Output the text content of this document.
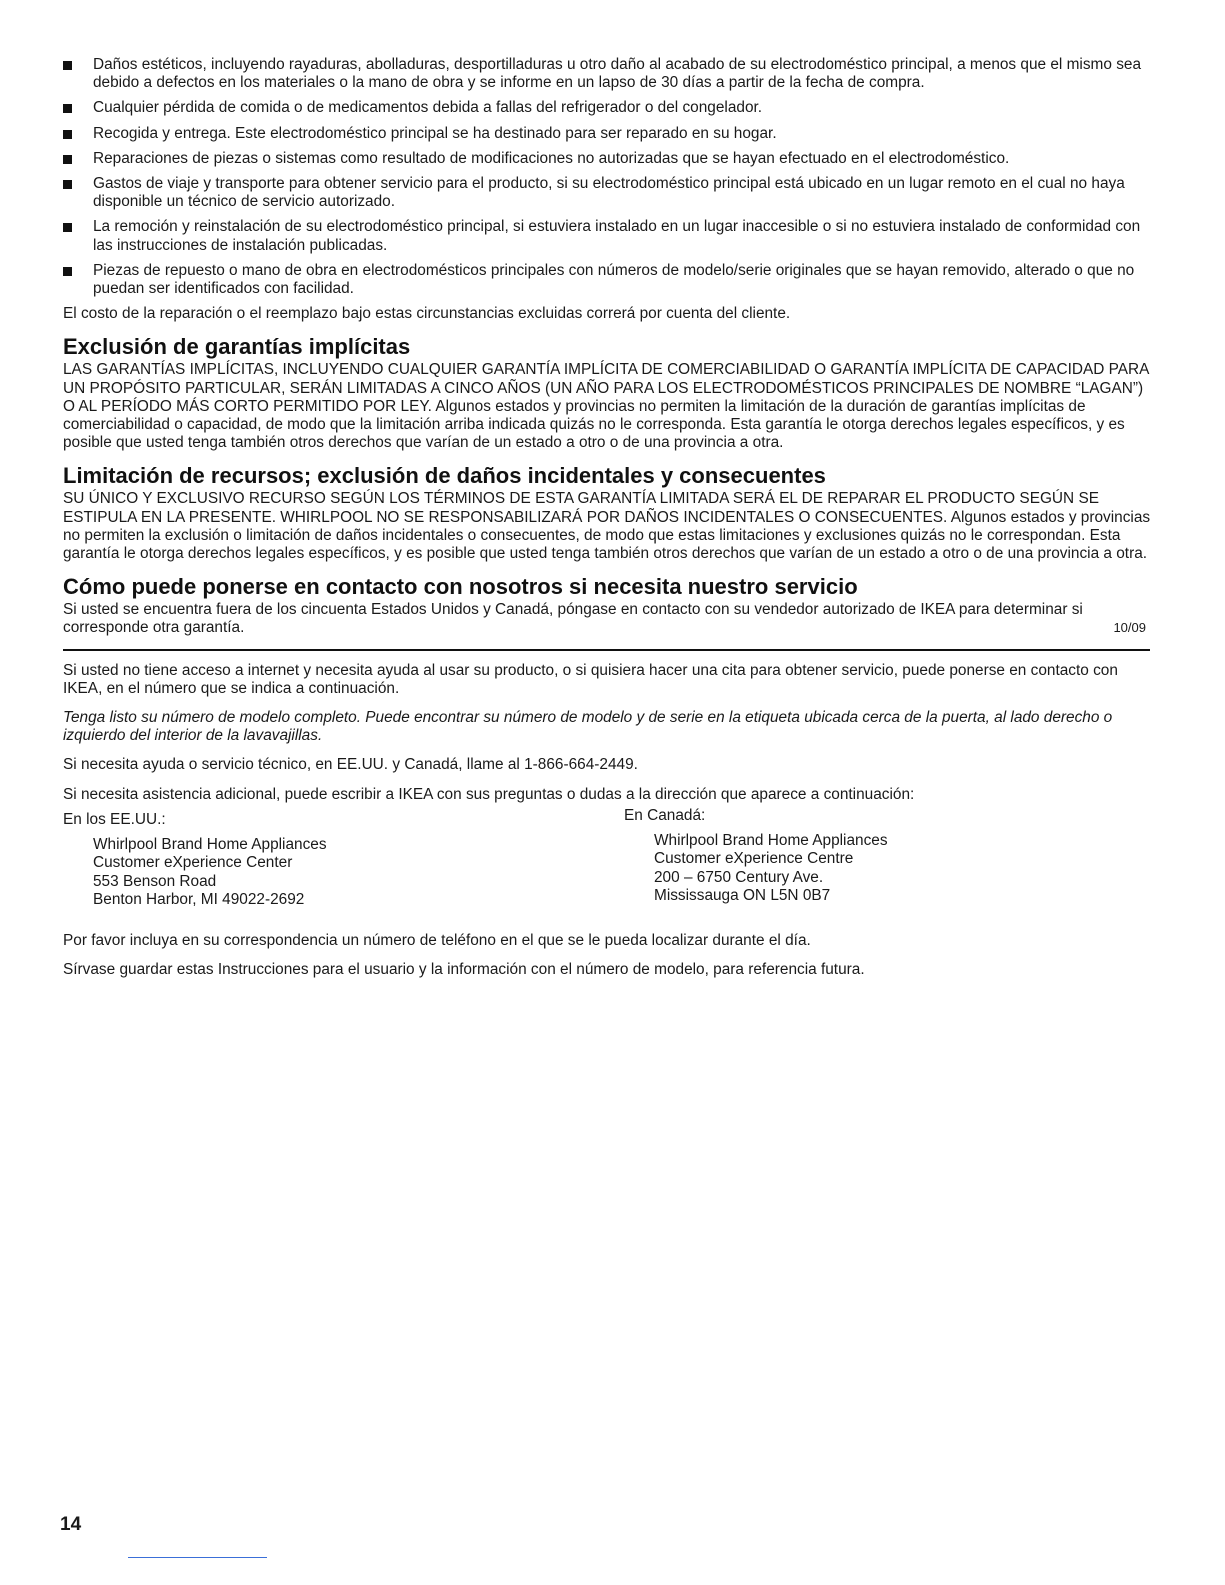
Daños estéticos, incluyendo rayaduras, abolladuras, desportilladuras u otro daño al acabado de su electrodoméstico principal, a menos que el mismo sea debido a defectos en los materiales o la mano de obra y se informe en un lapso de 30 días a partir de la fecha de compra.
Cualquier pérdida de comida o de medicamentos debida a fallas del refrigerador o del congelador.
Recogida y entrega. Este electrodoméstico principal se ha destinado para ser reparado en su hogar.
Reparaciones de piezas o sistemas como resultado de modificaciones no autorizadas que se hayan efectuado en el electrodoméstico.
Gastos de viaje y transporte para obtener servicio para el producto, si su electrodoméstico principal está ubicado en un lugar remoto en el cual no haya disponible un técnico de servicio autorizado.
La remoción y reinstalación de su electrodoméstico principal, si estuviera instalado en un lugar inaccesible o si no estuviera instalado de conformidad con las instrucciones de instalación publicadas.
Piezas de repuesto o mano de obra en electrodomésticos principales con números de modelo/serie originales que se hayan removido, alterado o que no puedan ser identificados con facilidad.

El costo de la reparación o el reemplazo bajo estas circunstancias excluidas correrá por cuenta del cliente.

Exclusión de garantías implícitas

LAS GARANTÍAS IMPLÍCITAS, INCLUYENDO CUALQUIER GARANTÍA IMPLÍCITA DE COMERCIABILIDAD O GARANTÍA IMPLÍCITA DE CAPACIDAD PARA UN PROPÓSITO PARTICULAR, SERÁN LIMITADAS A CINCO AÑOS (UN AÑO PARA LOS ELECTRODOMÉSTICOS PRINCIPALES DE NOMBRE “LAGAN”) O AL PERÍODO MÁS CORTO PERMITIDO POR LEY. Algunos estados y provincias no permiten la limitación de la duración de garantías implícitas de comerciabilidad o capacidad, de modo que la limitación arriba indicada quizás no le corresponda. Esta garantía le otorga derechos legales específicos, y es posible que usted tenga también otros derechos que varían de un estado a otro o de una provincia a otra.

Limitación de recursos; exclusión de daños incidentales y consecuentes

SU ÚNICO Y EXCLUSIVO RECURSO SEGÚN LOS TÉRMINOS DE ESTA GARANTÍA LIMITADA SERÁ EL DE REPARAR EL PRODUCTO SEGÚN SE ESTIPULA EN LA PRESENTE. WHIRLPOOL NO SE RESPONSABILIZARÁ POR DAÑOS INCIDENTALES O CONSECUENTES. Algunos estados y provincias no permiten la exclusión o limitación de daños incidentales o consecuentes, de modo que estas limitaciones y exclusiones quizás no le correspondan. Esta garantía le otorga derechos legales específicos, y es posible que usted tenga también otros derechos que varían de un estado a otro o de una provincia a otra.

Cómo puede ponerse en contacto con nosotros si necesita nuestro servicio

Si usted se encuentra fuera de los cincuenta Estados Unidos y Canadá, póngase en contacto con su vendedor autorizado de IKEA para determinar si corresponde otra garantía.	10/09

Si usted no tiene acceso a internet y necesita ayuda al usar su producto, o si quisiera hacer una cita para obtener servicio, puede ponerse en contacto con IKEA, en el número que se indica a continuación.

Tenga listo su número de modelo completo. Puede encontrar su número de modelo y de serie en la etiqueta ubicada cerca de la puerta, al lado derecho o izquierdo del interior de la lavavajillas.

Si necesita ayuda o servicio técnico, en EE.UU. y Canadá, llame al 1-866-664-2449.

Si necesita asistencia adicional, puede escribir a IKEA con sus preguntas o dudas a la dirección que aparece a continuación:

En los EE.UU.:
Whirlpool Brand Home Appliances
Customer eXperience Center
553 Benson Road
Benton Harbor, MI 49022-2692
En Canadá:
Whirlpool Brand Home Appliances
Customer eXperience Centre
200 – 6750 Century Ave.
Mississauga ON L5N 0B7

Por favor incluya en su correspondencia un número de teléfono en el que se le pueda localizar durante el día.

Sírvase guardar estas Instrucciones para el usuario y la información con el número de modelo, para referencia futura.

14
